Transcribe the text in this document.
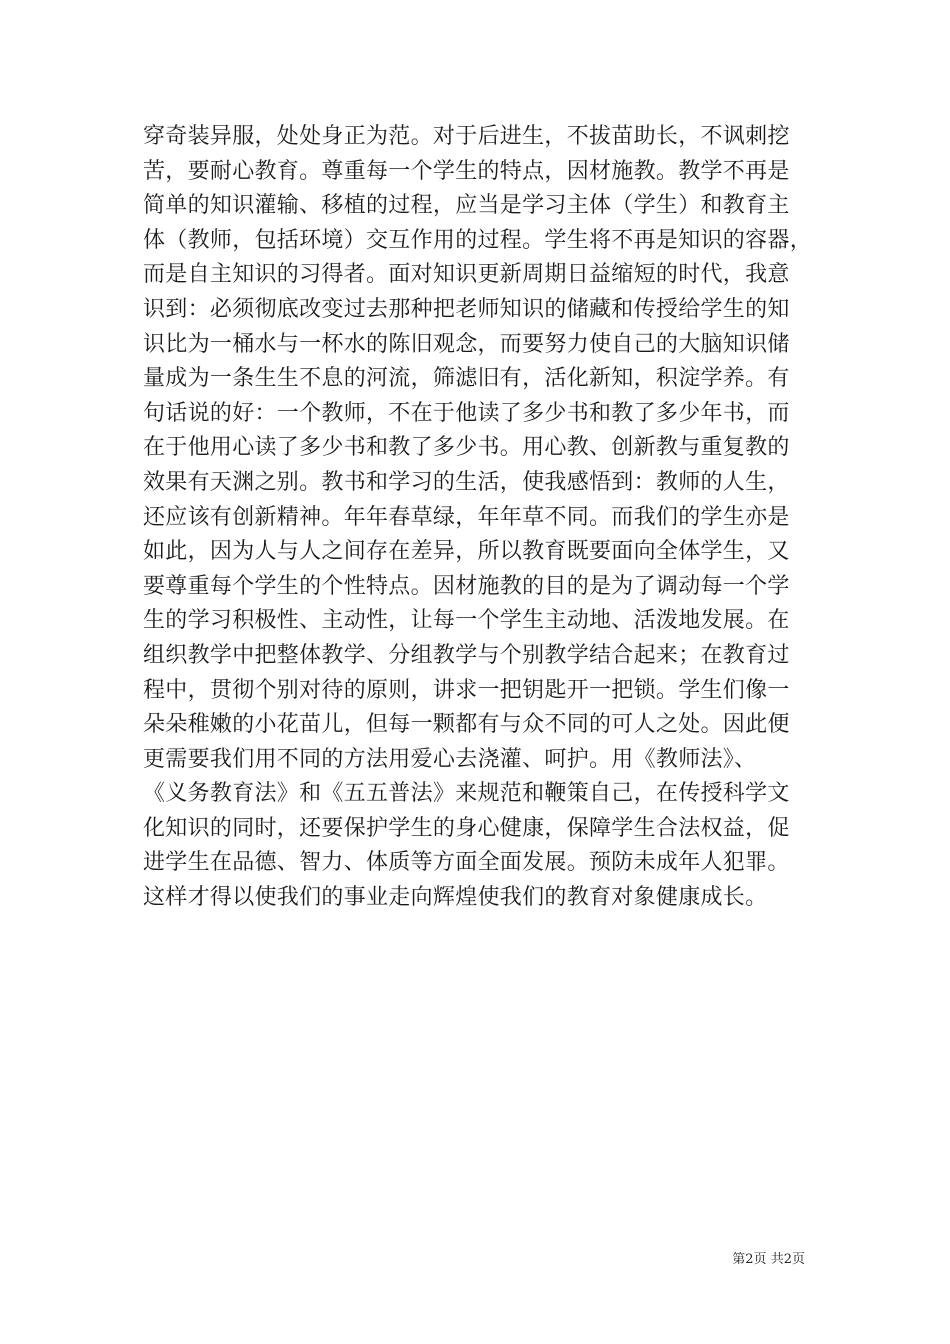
穿奇装异服，处处身正为范。对于后进生，不拔苗助长，不讽刺挖
苦，要耐心教育。尊重每一个学生的特点，因材施教。教学不再是
简单的知识灌输、移植的过程，应当是学习主体（学生）和教育主
体（教师，包括环境）交互作用的过程。学生将不再是知识的容器，
而是自主知识的习得者。面对知识更新周期日益缩短的时代，我意
识到：必须彻底改变过去那种把老师知识的储藏和传授给学生的知
识比为一桶水与一杯水的陈旧观念，而要努力使自己的大脑知识储
量成为一条生生不息的河流，筛滤旧有，活化新知，积淀学养。有
句话说的好：一个教师，不在于他读了多少书和教了多少年书，而
在于他用心读了多少书和教了多少书。用心教、创新教与重复教的
效果有天渊之别。教书和学习的生活，使我感悟到：教师的人生，
还应该有创新精神。年年春草绿，年年草不同。而我们的学生亦是
如此，因为人与人之间存在差异，所以教育既要面向全体学生，又
要尊重每个学生的个性特点。因材施教的目的是为了调动每一个学
生的学习积极性、主动性，让每一个学生主动地、活泼地发展。在
组织教学中把整体教学、分组教学与个别教学结合起来；在教育过
程中，贯彻个别对待的原则，讲求一把钥匙开一把锁。学生们像一
朵朵稚嫩的小花苗儿，但每一颗都有与众不同的可人之处。因此便
更需要我们用不同的方法用爱心去浇灌、呵护。用《教师法》、
《义务教育法》和《五五普法》来规范和鞭策自己，在传授科学文
化知识的同时，还要保护学生的身心健康，保障学生合法权益，促
进学生在品德、智力、体质等方面全面发展。预防未成年人犯罪。
这样才得以使我们的事业走向辉煌使我们的教育对象健康成长。
第2页 共2页
